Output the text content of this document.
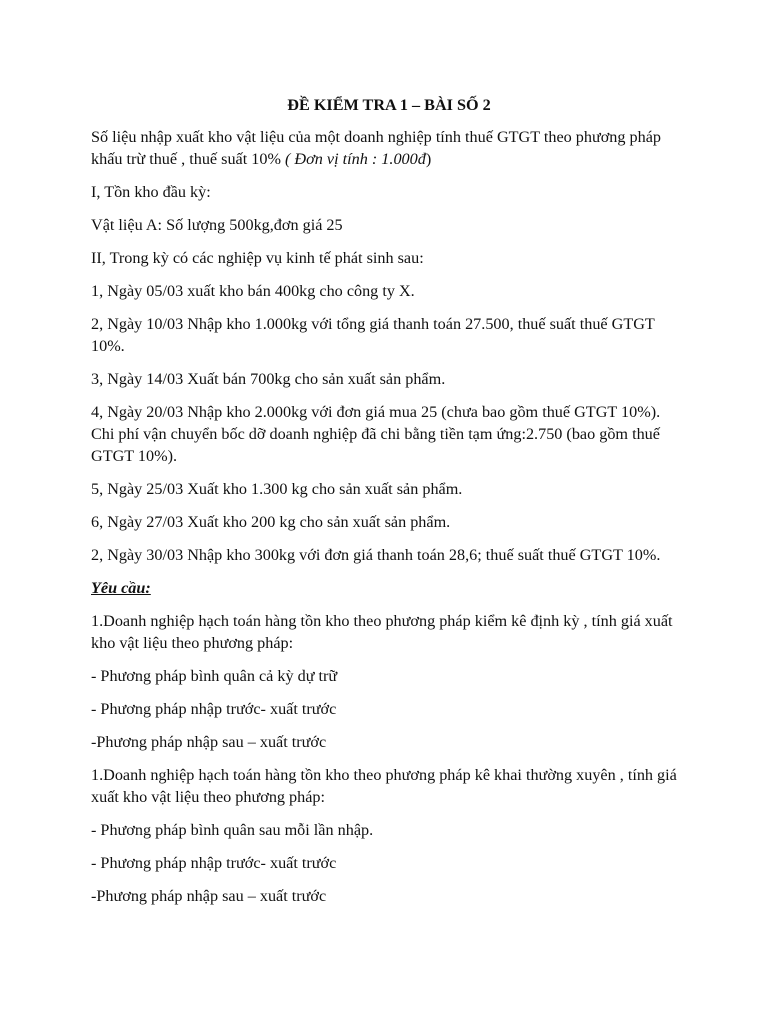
ĐỀ KIỂM TRA 1 – BÀI SỐ 2

Số liệu nhập xuất kho vật liệu của một doanh nghiệp tính thuế GTGT theo phương pháp khấu trừ thuế , thuế suất 10% ( Đơn vị tính : 1.000đ)

I, Tồn kho đầu kỳ:

Vật liệu A: Số lượng 500kg,đơn giá 25

II, Trong kỳ có các nghiệp vụ kinh tế phát sinh sau:

1, Ngày 05/03 xuất kho bán 400kg cho công ty X.

2, Ngày 10/03 Nhập kho 1.000kg với tổng giá thanh toán 27.500, thuế suất thuế GTGT 10%.

3, Ngày 14/03 Xuất bán 700kg cho sản xuất sản phẩm.

4, Ngày 20/03 Nhập kho 2.000kg với đơn giá mua 25 (chưa bao gồm thuế GTGT 10%). Chi phí vận chuyển bốc dỡ doanh nghiệp đã chi bằng tiền tạm ứng:2.750 (bao gồm thuế GTGT 10%).

5, Ngày 25/03 Xuất kho 1.300 kg cho sản xuất sản phẩm.

6, Ngày 27/03 Xuất kho 200 kg cho sản xuất sản phẩm.

2, Ngày 30/03 Nhập kho 300kg với đơn giá thanh toán 28,6; thuế suất thuế GTGT 10%.

Yêu cầu:

1.Doanh nghiệp hạch toán hàng tồn kho theo phương pháp kiểm kê định kỳ , tính giá xuất kho vật liệu theo phương pháp:

- Phương pháp bình quân cả kỳ dự trữ

- Phương pháp nhập trước- xuất trước

-Phương pháp nhập sau – xuất trước

1.Doanh nghiệp hạch toán hàng tồn kho theo phương pháp kê khai thường xuyên , tính giá xuất kho vật liệu theo phương pháp:

- Phương pháp bình quân sau mỗi lần nhập.

- Phương pháp nhập trước- xuất trước

-Phương pháp nhập sau – xuất trước
